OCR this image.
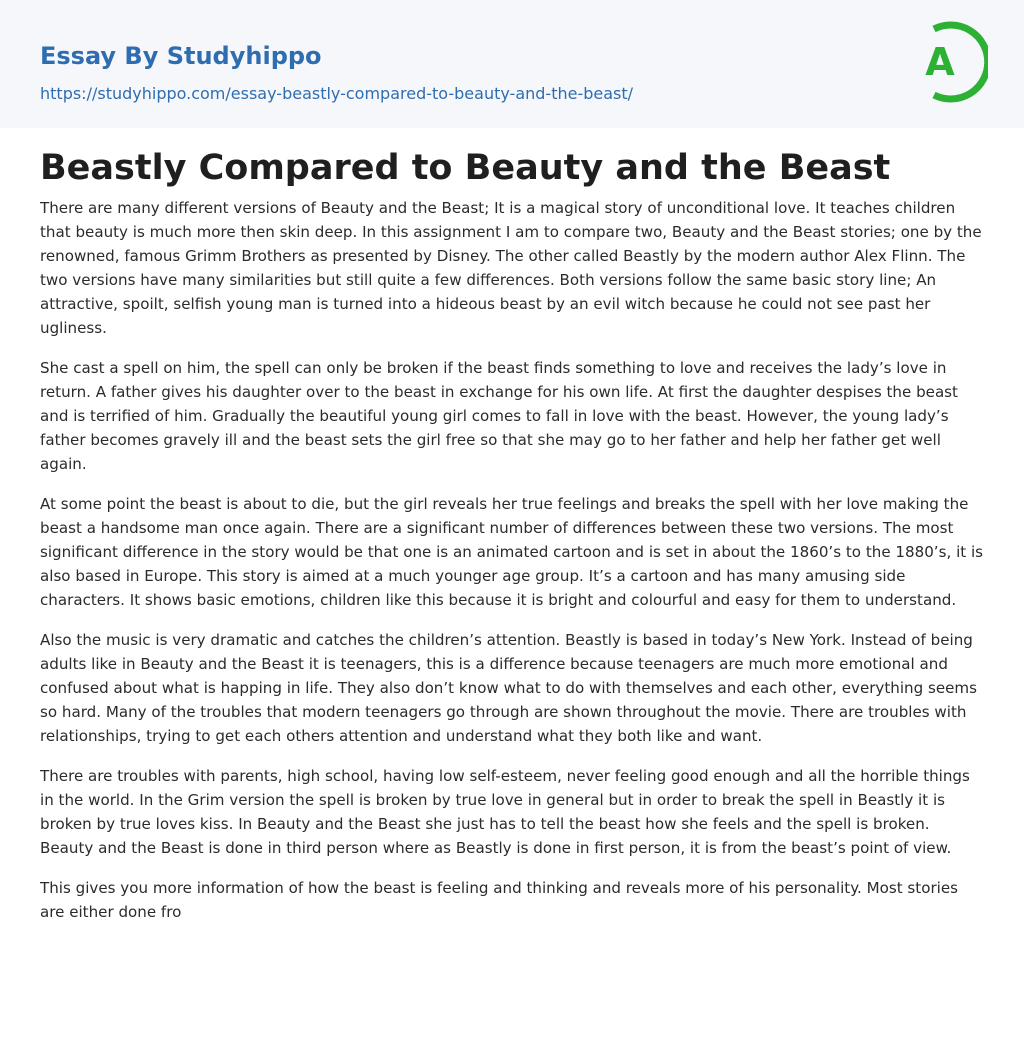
Essay By Studyhippo
https://studyhippo.com/essay-beastly-compared-to-beauty-and-the-beast/
A
Beastly Compared to Beauty and the Beast

There are many different versions of Beauty and the Beast; It is a magical story of unconditional love. It teaches children that beauty is much more then skin deep. In this assignment I am to compare two, Beauty and the Beast stories; one by the renowned, famous Grimm Brothers as presented by Disney. The other called Beastly by the modern author Alex Flinn. The two versions have many similarities but still quite a few differences. Both versions follow the same basic story line; An attractive, spoilt, selfish young man is turned into a hideous beast by an evil witch because he could not see past her ugliness.

She cast a spell on him, the spell can only be broken if the beast finds something to love and receives the lady’s love in return. A father gives his daughter over to the beast in exchange for his own life. At first the daughter despises the beast and is terrified of him. Gradually the beautiful young girl comes to fall in love with the beast. However, the young lady’s father becomes gravely ill and the beast sets the girl free so that she may go to her father and help her father get well again.

At some point the beast is about to die, but the girl reveals her true feelings and breaks the spell with her love making the beast a handsome man once again. There are a significant number of differences between these two versions. The most significant difference in the story would be that one is an animated cartoon and is set in about the 1860’s to the 1880’s, it is also based in Europe. This story is aimed at a much younger age group. It’s a cartoon and has many amusing side characters. It shows basic emotions, children like this because it is bright and colourful and easy for them to understand.

Also the music is very dramatic and catches the children’s attention. Beastly is based in today’s New York. Instead of being adults like in Beauty and the Beast it is teenagers, this is a difference because teenagers are much more emotional and confused about what is happing in life. They also don’t know what to do with themselves and each other, everything seems so hard. Many of the troubles that modern teenagers go through are shown throughout the movie. There are troubles with relationships, trying to get each others attention and understand what they both like and want.

There are troubles with parents, high school, having low self-esteem, never feeling good enough and all the horrible things in the world. In the Grim version the spell is broken by true love in general but in order to break the spell in Beastly it is broken by true loves kiss. In Beauty and the Beast she just has to tell the beast how she feels and the spell is broken. Beauty and the Beast is done in third person where as Beastly is done in first person, it is from the beast’s point of view.

This gives you more information of how the beast is feeling and thinking and reveals more of his personality. Most stories are either done fro
